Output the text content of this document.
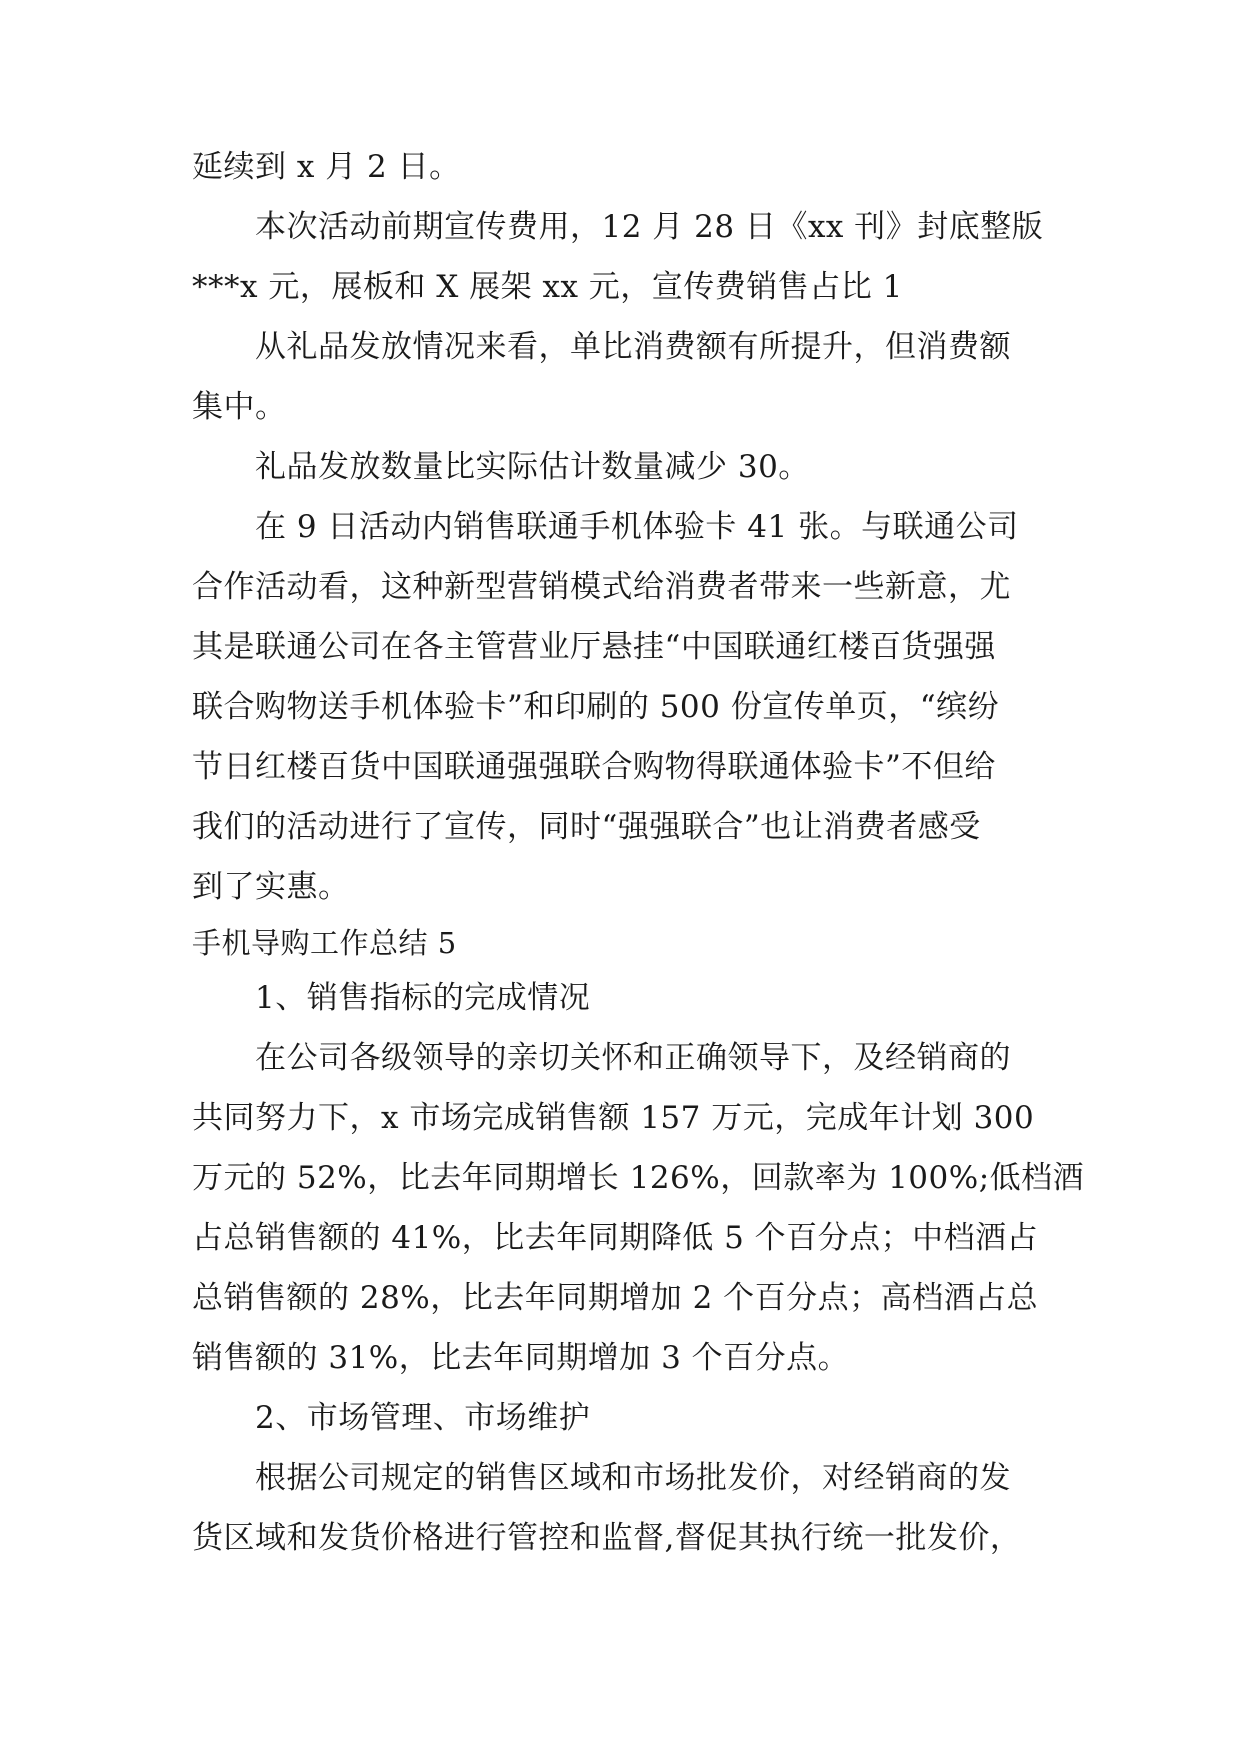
延续到 x 月 2 日。
本次活动前期宣传费用，12 月 28 日《xx 刊》封底整版
***x 元，展板和 X 展架 xx 元，宣传费销售占比 1
从礼品发放情况来看，单比消费额有所提升，但消费额
集中。
礼品发放数量比实际估计数量减少 30。
在 9 日活动内销售联通手机体验卡 41 张。与联通公司
合作活动看，这种新型营销模式给消费者带来一些新意，尤
其是联通公司在各主管营业厅悬挂“中国联通红楼百货强强
联合购物送手机体验卡”和印刷的 500 份宣传单页，“缤纷
节日红楼百货中国联通强强联合购物得联通体验卡”不但给
我们的活动进行了宣传，同时“强强联合”也让消费者感受
到了实惠。
手机导购工作总结 5
1、销售指标的完成情况
在公司各级领导的亲切关怀和正确领导下，及经销商的
共同努力下，x 市场完成销售额 157 万元，完成年计划 300
万元的 52%，比去年同期增长 126%，回款率为 100%;低档酒
占总销售额的 41%，比去年同期降低 5 个百分点；中档酒占
总销售额的 28%，比去年同期增加 2 个百分点；高档酒占总
销售额的 31%，比去年同期增加 3 个百分点。
2、市场管理、市场维护
根据公司规定的销售区域和市场批发价，对经销商的发
货区域和发货价格进行管控和监督,督促其执行统一批发价，
